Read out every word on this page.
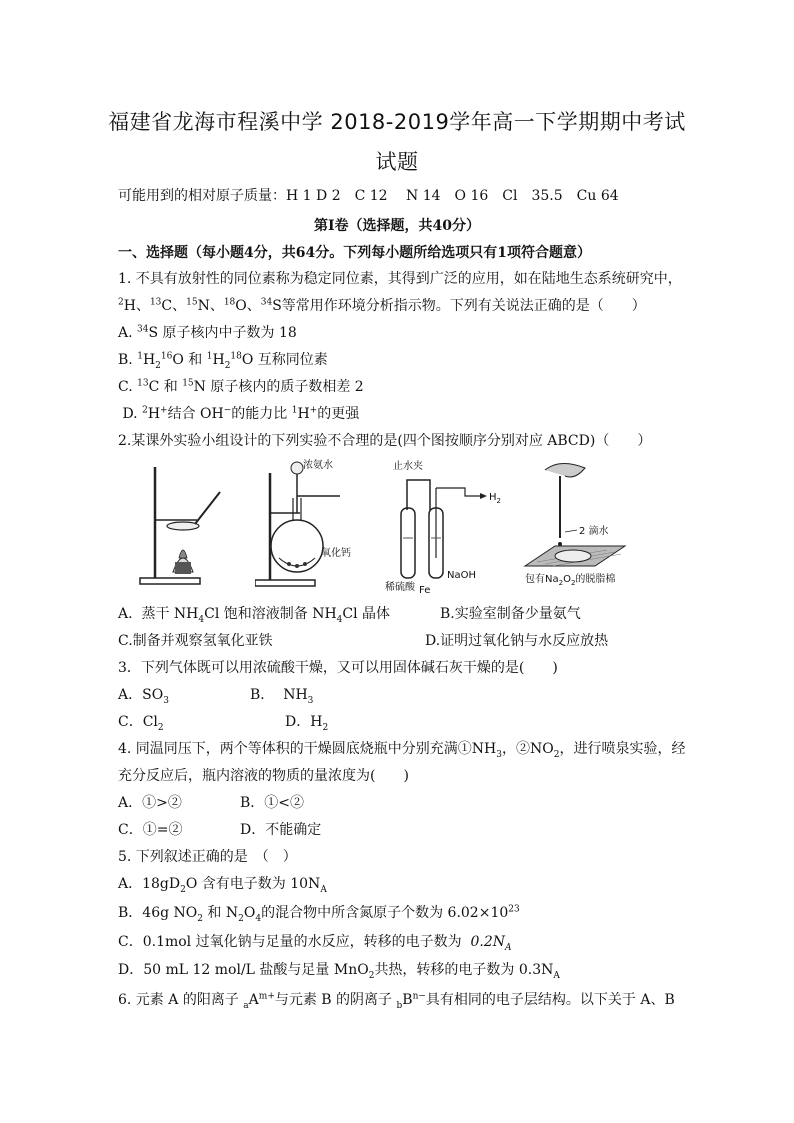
福建省龙海市程溪中学 2018-2019学年高一下学期期中考试
试题
可能用到的相对原子质量：H 1 D 2　C 12　 N 14　O 16　Cl　35.5　Cu 64
第Ⅰ卷（选择题，共40分）
一、选择题（每小题4分，共64分。下列每小题所给选项只有1项符合题意）
1. 不具有放射性的同位素称为稳定同位素，其得到广泛的应用，如在陆地生态系统研究中，
$^2$H、$^{13}$C、$^{15}$N、$^{18}$O、$^{34}$S等常用作环境分析指示物。下列有关说法正确的是（　　）
A. $^{34}$S 原子核内中子数为 18
B. $^1H_2^{16}O$ 和 $^1H_2^{18}O$ 互称同位素
C. $^{13}$C 和 $^{15}$N 原子核内的质子数相差 2
D. $^2$H+结合 OH−的能力比 $^1$H+的更强
2.某课外实验小组设计的下列实验不合理的是(四个图按顺序分别对应 ABCD)（　　）
浓氨水
氧化钙
止水夹
$H_2$
稀硫酸 Fe
NaOH
2 滴水
包有$Na_2O_2$的脱脂棉
A.  蒸干 $NH_4Cl$ 饱和溶液制备 $NH_4Cl$ 晶体	B.实验室制备少量氨气
C.制备并观察氢氧化亚铁	D.证明过氧化钠与水反应放热
3．下列气体既可以用浓硫酸干燥，又可以用固体碱石灰干燥的是(　　)
A．$SO_3$	B．  $NH_3$
C．$Cl_2$	D．$H_2$
4. 同温同压下，两个等体积的干燥圆底烧瓶中分别充满$①NH_3$，$②NO_2$，进行喷泉实验，经
充分反应后，瓶内溶液的物质的量浓度为(　　)
A．①>②	B．①<②
C．①=②	D．不能确定
5. 下列叙述正确的是　（　）
A．$18gD_2O$ 含有电子数为 $10N_A$
B．46g $NO_2$ 和 $N_2O_4$的混合物中所含氮原子个数为 $6.02\times 10^{23}$
C．0.1mol 过氧化钠与足量的水反应，转移的电子数为  $0.2N_A$
D．50 mL 12 mol/L 盐酸与足量 MnO$_2$共热，转移的电子数为 $0.3N_A$
6. 元素 A 的阳离子 $_aA^{m+}$与元素 B 的阴离子 $_bB^{n-}$具有相同的电子层结构。以下关于 A、B
